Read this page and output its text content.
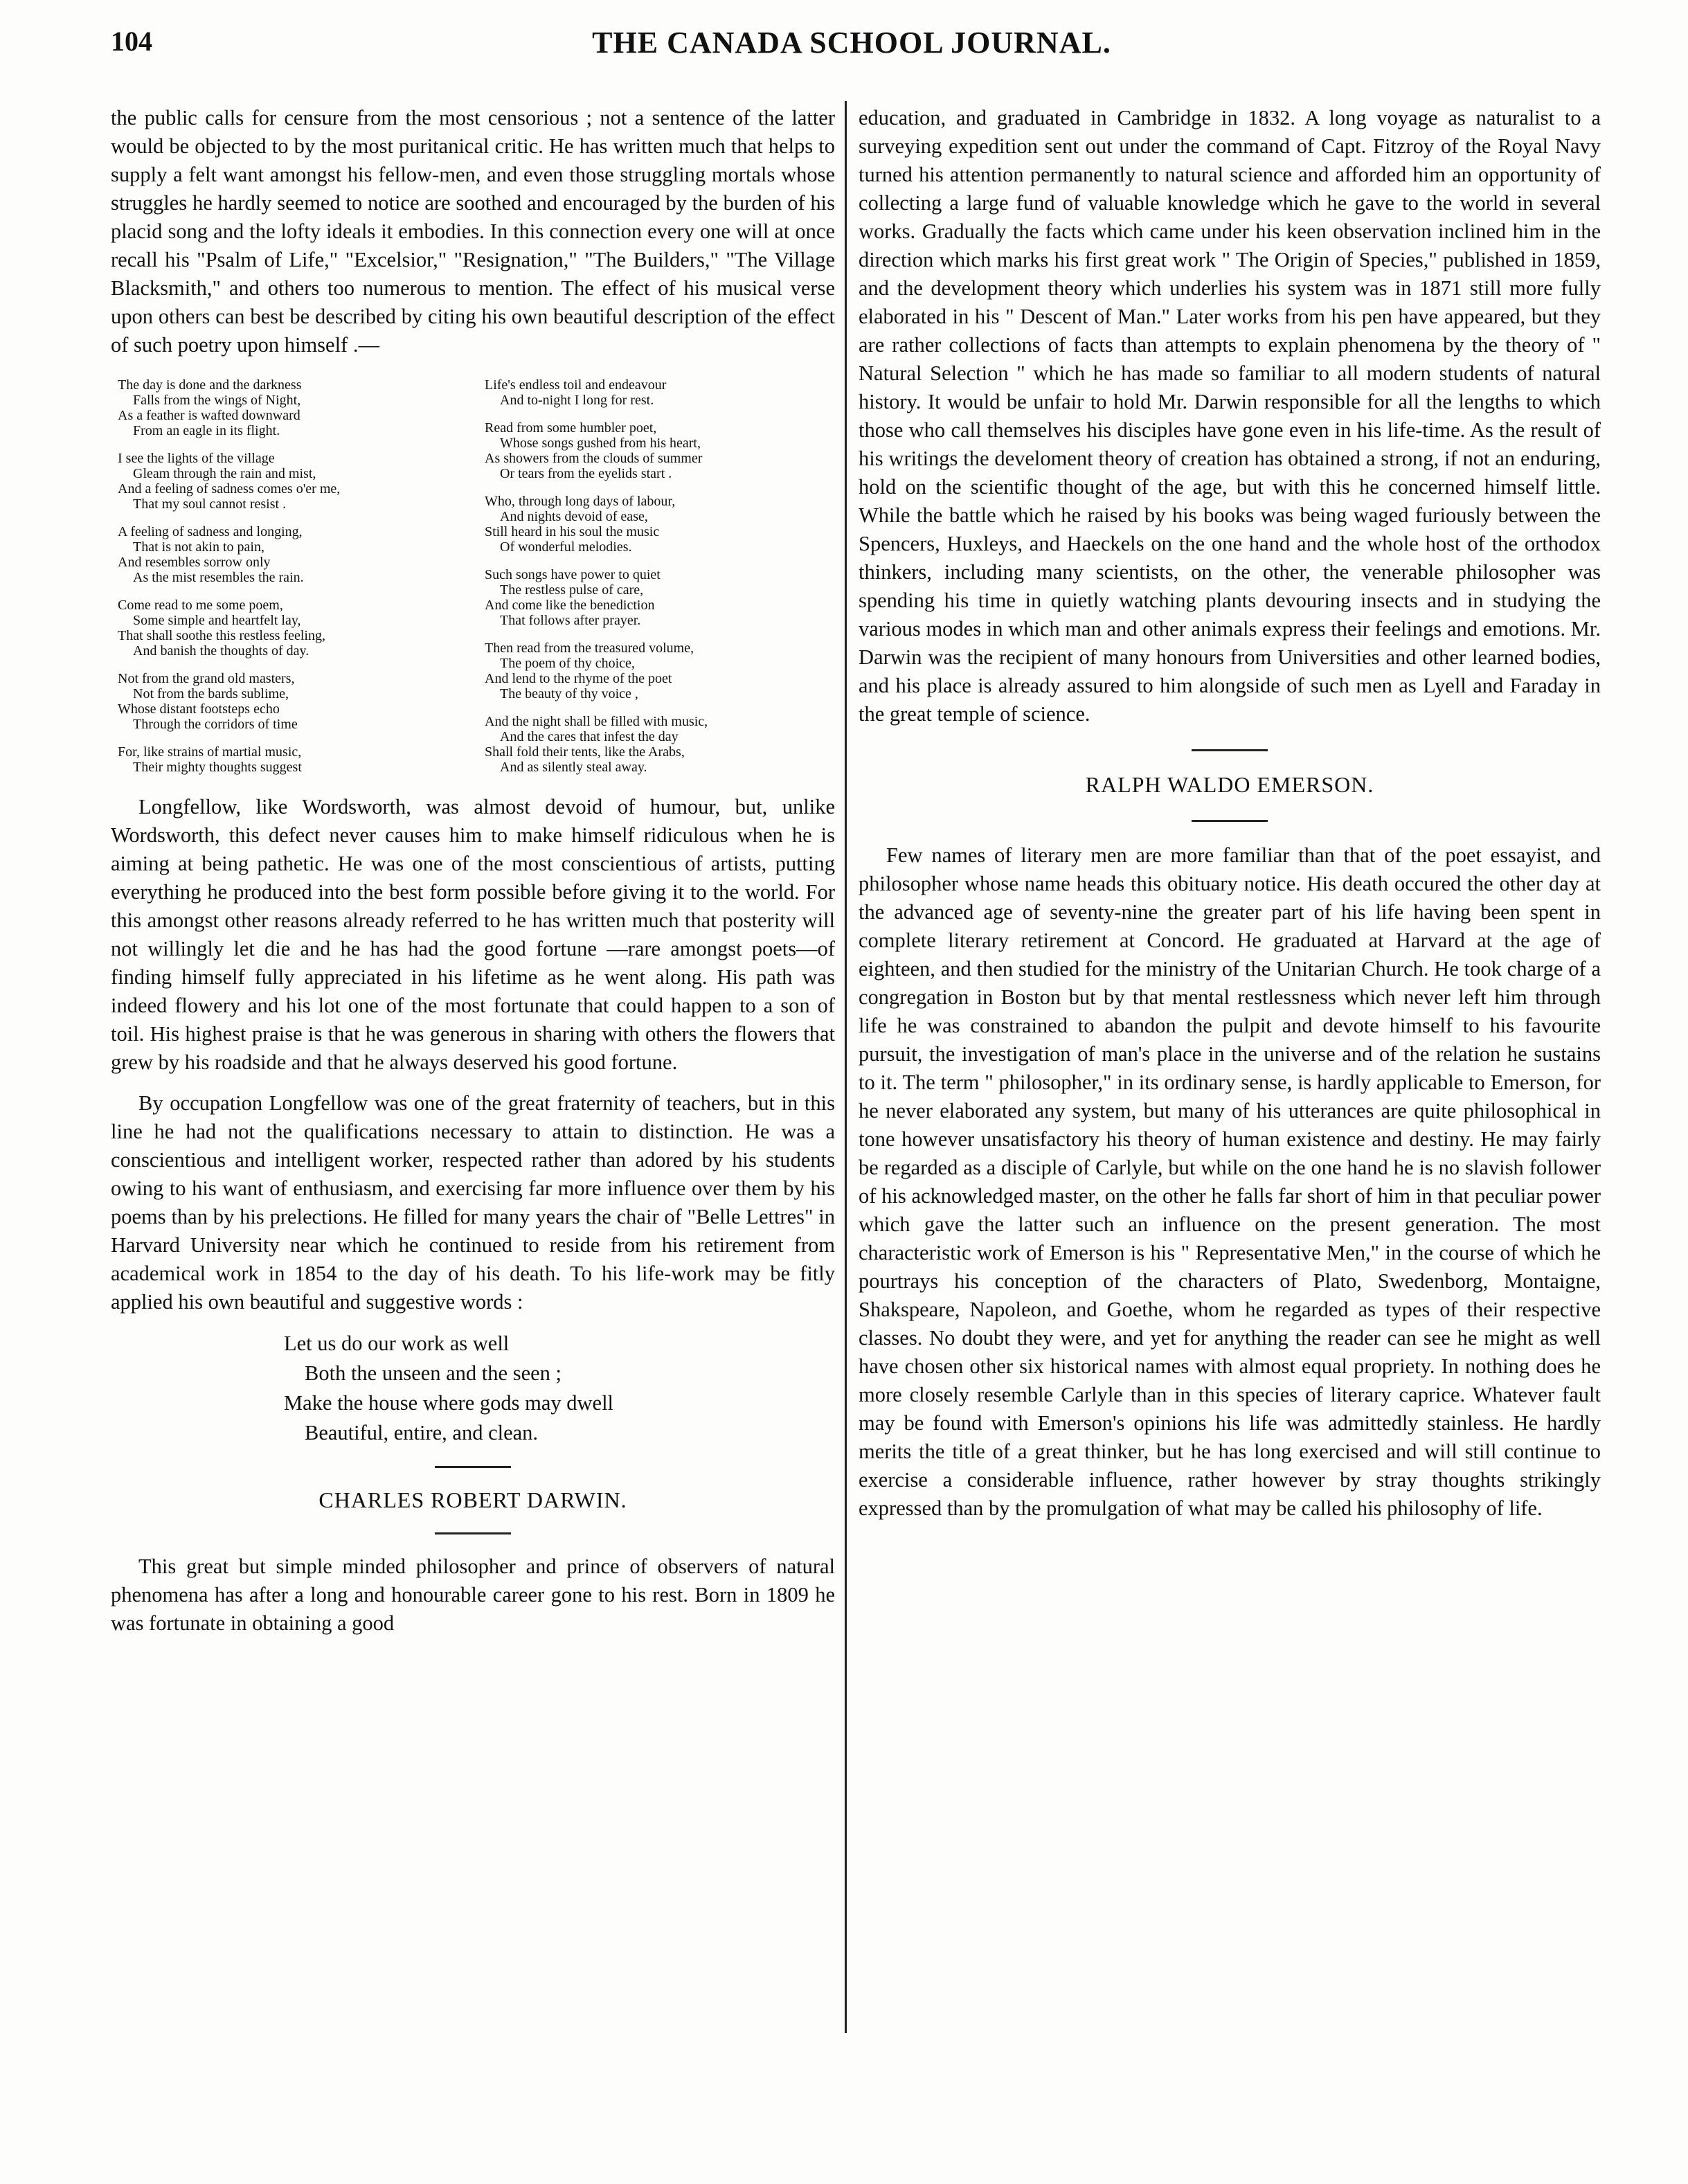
104	THE CANADA SCHOOL JOURNAL.

the public calls for censure from the most censorious ; not a sentence of the latter would be objected to by the most puritanical critic. He has written much that helps to supply a felt want amongst his fellow-men, and even those struggling mortals whose struggles he hardly seemed to notice are soothed and encouraged by the burden of his placid song and the lofty ideals it embodies. In this connection every one will at once recall his "Psalm of Life," "Excelsior," "Resignation," "The Builders," "The Village Blacksmith," and others too numerous to mention. The effect of his musical verse upon others can best be described by citing his own beautiful description of the effect of such poetry upon himself .—

The day is done and the darkness
Falls from the wings of Night,
As a feather is wafted downward
From an eagle in its flight.
I see the lights of the village
Gleam through the rain and mist,
And a feeling of sadness comes o'er me,
That my soul cannot resist .
A feeling of sadness and longing,
That is not akin to pain,
And resembles sorrow only
As the mist resembles the rain.
Come read to me some poem,
Some simple and heartfelt lay,
That shall soothe this restless feeling,
And banish the thoughts of day.
Not from the grand old masters,
Not from the bards sublime,
Whose distant footsteps echo
Through the corridors of time
For, like strains of martial music,
Their mighty thoughts suggest
Life's endless toil and endeavour
And to-night I long for rest.
Read from some humbler poet,
Whose songs gushed from his heart,
As showers from the clouds of summer
Or tears from the eyelids start .
Who, through long days of labour,
And nights devoid of ease,
Still heard in his soul the music
Of wonderful melodies.
Such songs have power to quiet
The restless pulse of care,
And come like the benediction
That follows after prayer.
Then read from the treasured volume,
The poem of thy choice,
And lend to the rhyme of the poet
The beauty of thy voice ,
And the night shall be filled with music,
And the cares that infest the day
Shall fold their tents, like the Arabs,
And as silently steal away.

Longfellow, like Wordsworth, was almost devoid of humour, but, unlike Wordsworth, this defect never causes him to make himself ridiculous when he is aiming at being pathetic. He was one of the most conscientious of artists, putting everything he produced into the best form possible before giving it to the world. For this amongst other reasons already referred to he has written much that posterity will not willingly let die and he has had the good fortune —rare amongst poets—of finding himself fully appreciated in his lifetime as he went along. His path was indeed flowery and his lot one of the most fortunate that could happen to a son of toil. His highest praise is that he was generous in sharing with others the flowers that grew by his roadside and that he always deserved his good fortune.

By occupation Longfellow was one of the great fraternity of teachers, but in this line he had not the qualifications necessary to attain to distinction. He was a conscientious and intelligent worker, respected rather than adored by his students owing to his want of enthusiasm, and exercising far more influence over them by his poems than by his prelections. He filled for many years the chair of "Belle Lettres" in Harvard University near which he continued to reside from his retirement from academical work in 1854 to the day of his death. To his life-work may be fitly applied his own beautiful and suggestive words :

Let us do our work as well
Both the unseen and the seen ;
Make the house where gods may dwell
Beautiful, entire, and clean.

CHARLES ROBERT DARWIN.

This great but simple minded philosopher and prince of observers of natural phenomena has after a long and honourable career gone to his rest. Born in 1809 he was fortunate in obtaining a good

education, and graduated in Cambridge in 1832. A long voyage as naturalist to a surveying expedition sent out under the command of Capt. Fitzroy of the Royal Navy turned his attention permanently to natural science and afforded him an opportunity of collecting a large fund of valuable knowledge which he gave to the world in several works. Gradually the facts which came under his keen observation inclined him in the direction which marks his first great work " The Origin of Species," published in 1859, and the development theory which underlies his system was in 1871 still more fully elaborated in his " Descent of Man." Later works from his pen have appeared, but they are rather collections of facts than attempts to explain phenomena by the theory of " Natural Selection " which he has made so familiar to all modern students of natural history. It would be unfair to hold Mr. Darwin responsible for all the lengths to which those who call themselves his disciples have gone even in his life-time. As the result of his writings the develoment theory of creation has obtained a strong, if not an enduring, hold on the scientific thought of the age, but with this he concerned himself little. While the battle which he raised by his books was being waged furiously between the Spencers, Huxleys, and Haeckels on the one hand and the whole host of the orthodox thinkers, including many scientists, on the other, the venerable philosopher was spending his time in quietly watching plants devouring insects and in studying the various modes in which man and other animals express their feelings and emotions. Mr. Darwin was the recipient of many honours from Universities and other learned bodies, and his place is already assured to him alongside of such men as Lyell and Faraday in the great temple of science.

RALPH WALDO EMERSON.

Few names of literary men are more familiar than that of the poet essayist, and philosopher whose name heads this obituary notice. His death occured the other day at the advanced age of seventy-nine the greater part of his life having been spent in complete literary retirement at Concord. He graduated at Harvard at the age of eighteen, and then studied for the ministry of the Unitarian Church. He took charge of a congregation in Boston but by that mental restlessness which never left him through life he was constrained to abandon the pulpit and devote himself to his favourite pursuit, the investigation of man's place in the universe and of the relation he sustains to it. The term " philosopher," in its ordinary sense, is hardly applicable to Emerson, for he never elaborated any system, but many of his utterances are quite philosophical in tone however unsatisfactory his theory of human existence and destiny. He may fairly be regarded as a disciple of Carlyle, but while on the one hand he is no slavish follower of his acknowledged master, on the other he falls far short of him in that peculiar power which gave the latter such an influence on the present generation. The most characteristic work of Emerson is his " Representative Men," in the course of which he pourtrays his conception of the characters of Plato, Swedenborg, Montaigne, Shakspeare, Napoleon, and Goethe, whom he regarded as types of their respective classes. No doubt they were, and yet for anything the reader can see he might as well have chosen other six historical names with almost equal propriety. In nothing does he more closely resemble Carlyle than in this species of literary caprice. Whatever fault may be found with Emerson's opinions his life was admittedly stainless. He hardly merits the title of a great thinker, but he has long exercised and will still continue to exercise a considerable influence, rather however by stray thoughts strikingly expressed than by the promulgation of what may be called his philosophy of life.
